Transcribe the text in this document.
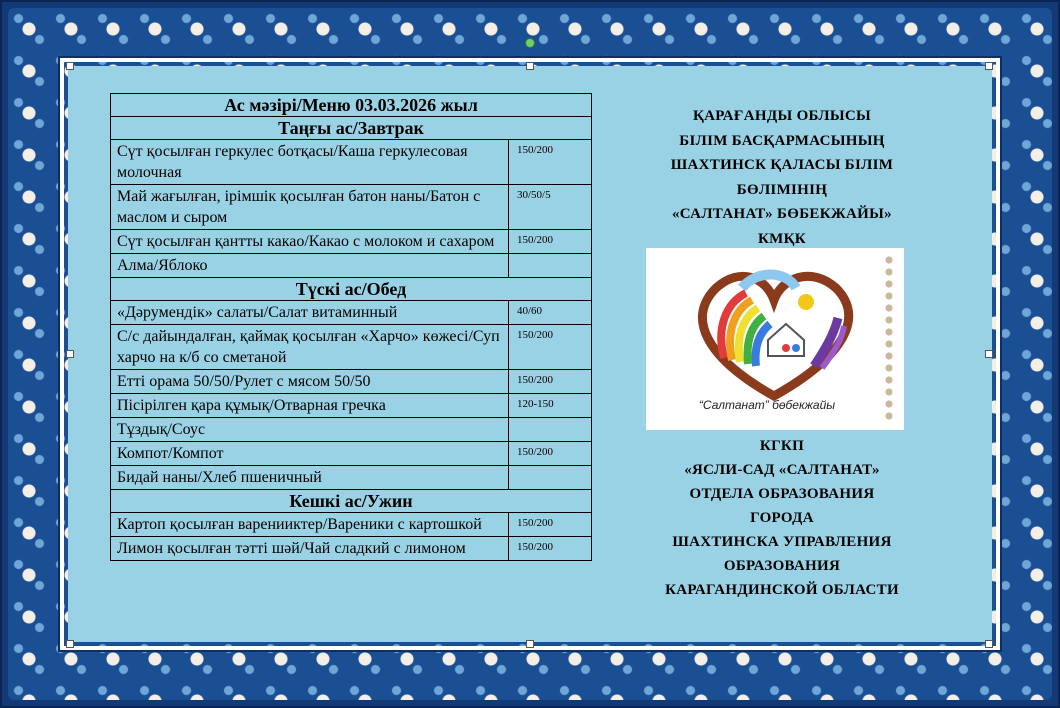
Ас мәзірі/Меню 03.03.2026 жыл	
Таңғы ас/Завтрак	
Сүт қосылған геркулес ботқасы/Каша геркулесовая молочная	150/200
Май жағылған, ірімшік қосылған батон наны/Батон с маслом и сыром	30/50/5
Сүт қосылған қантты какао/Какао с молоком и сахаром	150/200
Алма/Яблоко	
Түскі ас/Обед	
«Дәрумендік» салаты/Салат витаминный	40/60
С/с дайындалған, қаймақ қосылған «Харчо» көжесі/Суп харчо на к/б со сметаной	150/200
Етті орама 50/50/Рулет с мясом 50/50	150/200
Пісірілген қара құмық/Отварная гречка	120-150
Тұздық/Соус	
Компот/Компот	150/200
Бидай наны/Хлеб пшеничный	
Кешкі ас/Ужин	
Картоп қосылған варенииктер/Вареники с картошкой	150/200
Лимон қосылған тәтті шәй/Чай сладкий с лимоном	150/200
ҚАРАҒАНДЫ ОБЛЫСЫ
БІЛІМ БАСҚАРМАСЫНЫҢ
ШАХТИНСК ҚАЛАСЫ БІЛІМ
БӨЛІМІНІҢ
«САЛТАНАТ» БӨБЕКЖАЙЫ»
КМҚК
“Салтанат” бөбекжайы
КГКП
«ЯСЛИ-САД «САЛТАНАТ»
ОТДЕЛА ОБРАЗОВАНИЯ
ГОРОДА
ШАХТИНСКА УПРАВЛЕНИЯ
ОБРАЗОВАНИЯ
КАРАГАНДИНСКОЙ ОБЛАСТИ
